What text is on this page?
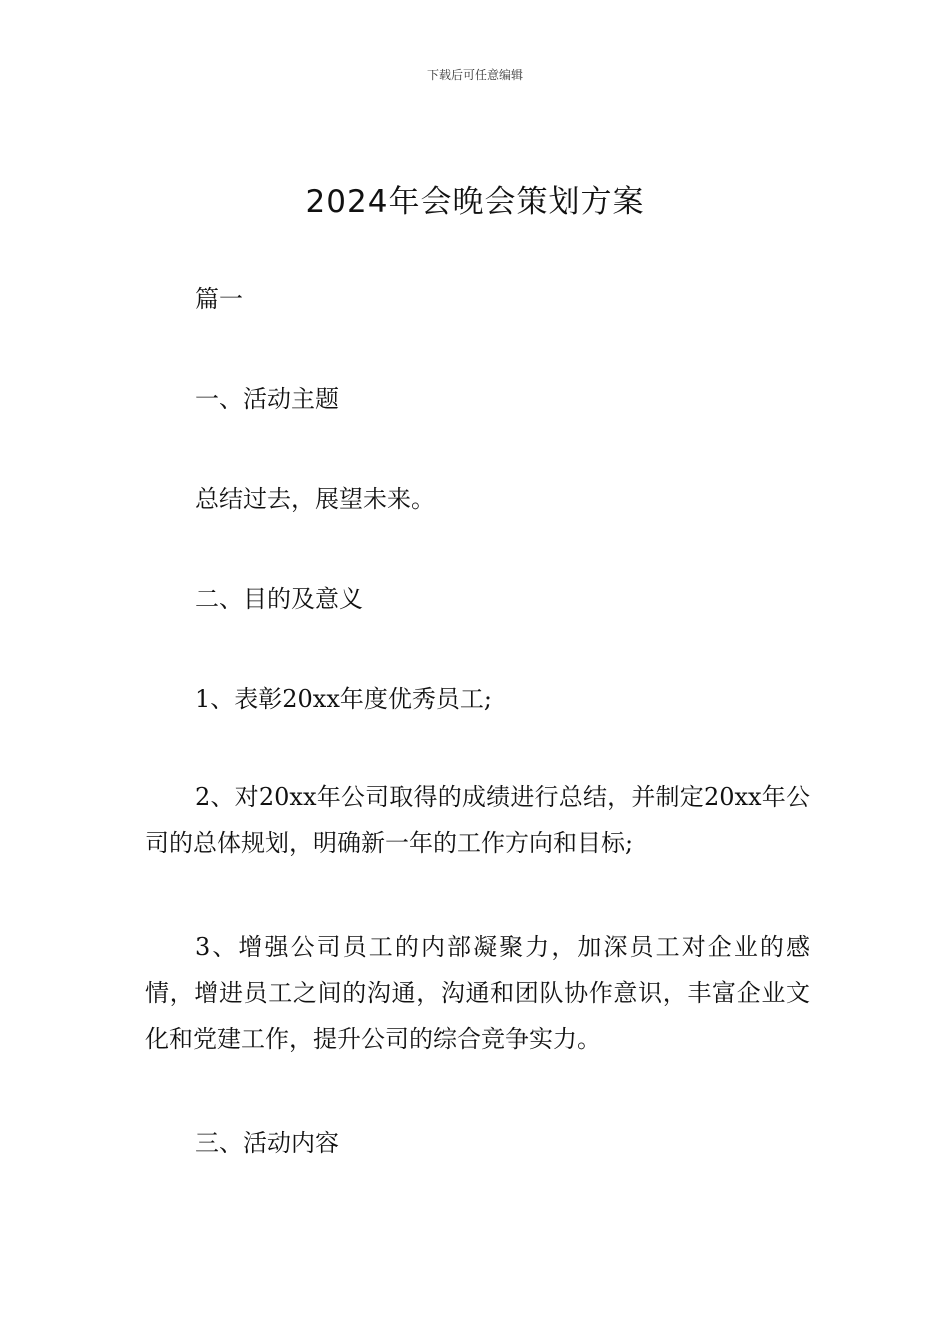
下载后可任意编辑
2024年会晚会策划方案

篇一

一、活动主题

总结过去，展望未来。

二、目的及意义

1、表彰20xx年度优秀员工;

2、对20xx年公司取得的成绩进行总结，并制定20xx年公司的总体规划，明确新一年的工作方向和目标;

3、增强公司员工的内部凝聚力，加深员工对企业的感情，增进员工之间的沟通，沟通和团队协作意识，丰富企业文化和党建工作，提升公司的综合竞争实力。

三、活动内容
